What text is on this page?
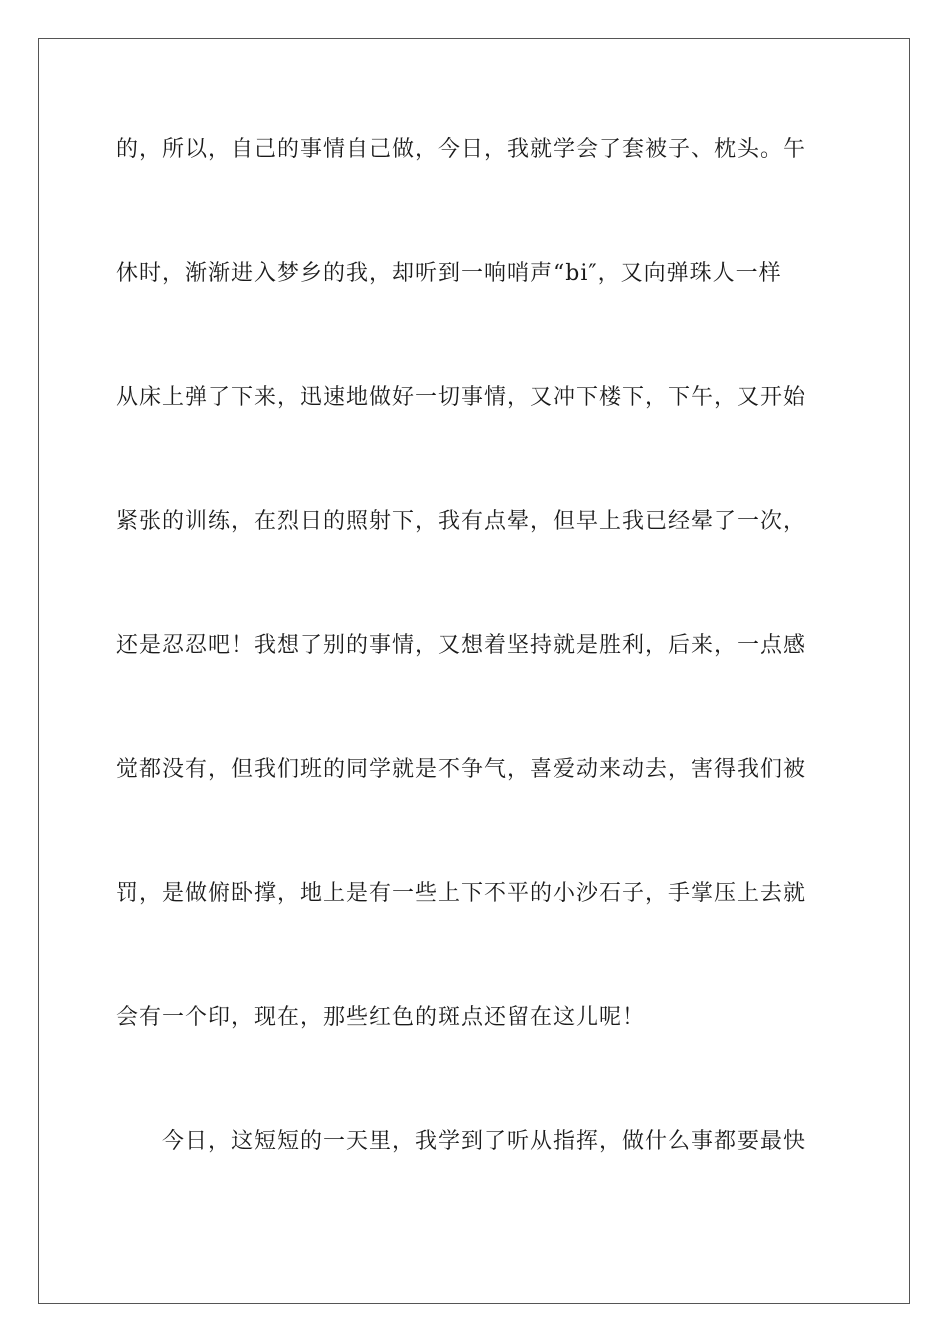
的，所以，自己的事情自己做，今日，我就学会了套被子、枕头。午
休时，渐渐进入梦乡的我，却听到一响哨声“bi″，又向弹珠人一样
从床上弹了下来，迅速地做好一切事情，又冲下楼下，下午，又开始
紧张的训练，在烈日的照射下，我有点晕，但早上我已经晕了一次，
还是忍忍吧！我想了别的事情，又想着坚持就是胜利，后来，一点感
觉都没有，但我们班的同学就是不争气，喜爱动来动去，害得我们被
罚，是做俯卧撑，地上是有一些上下不平的小沙石子，手掌压上去就
会有一个印，现在，那些红色的斑点还留在这儿呢！
今日，这短短的一天里，我学到了听从指挥，做什么事都要最快
